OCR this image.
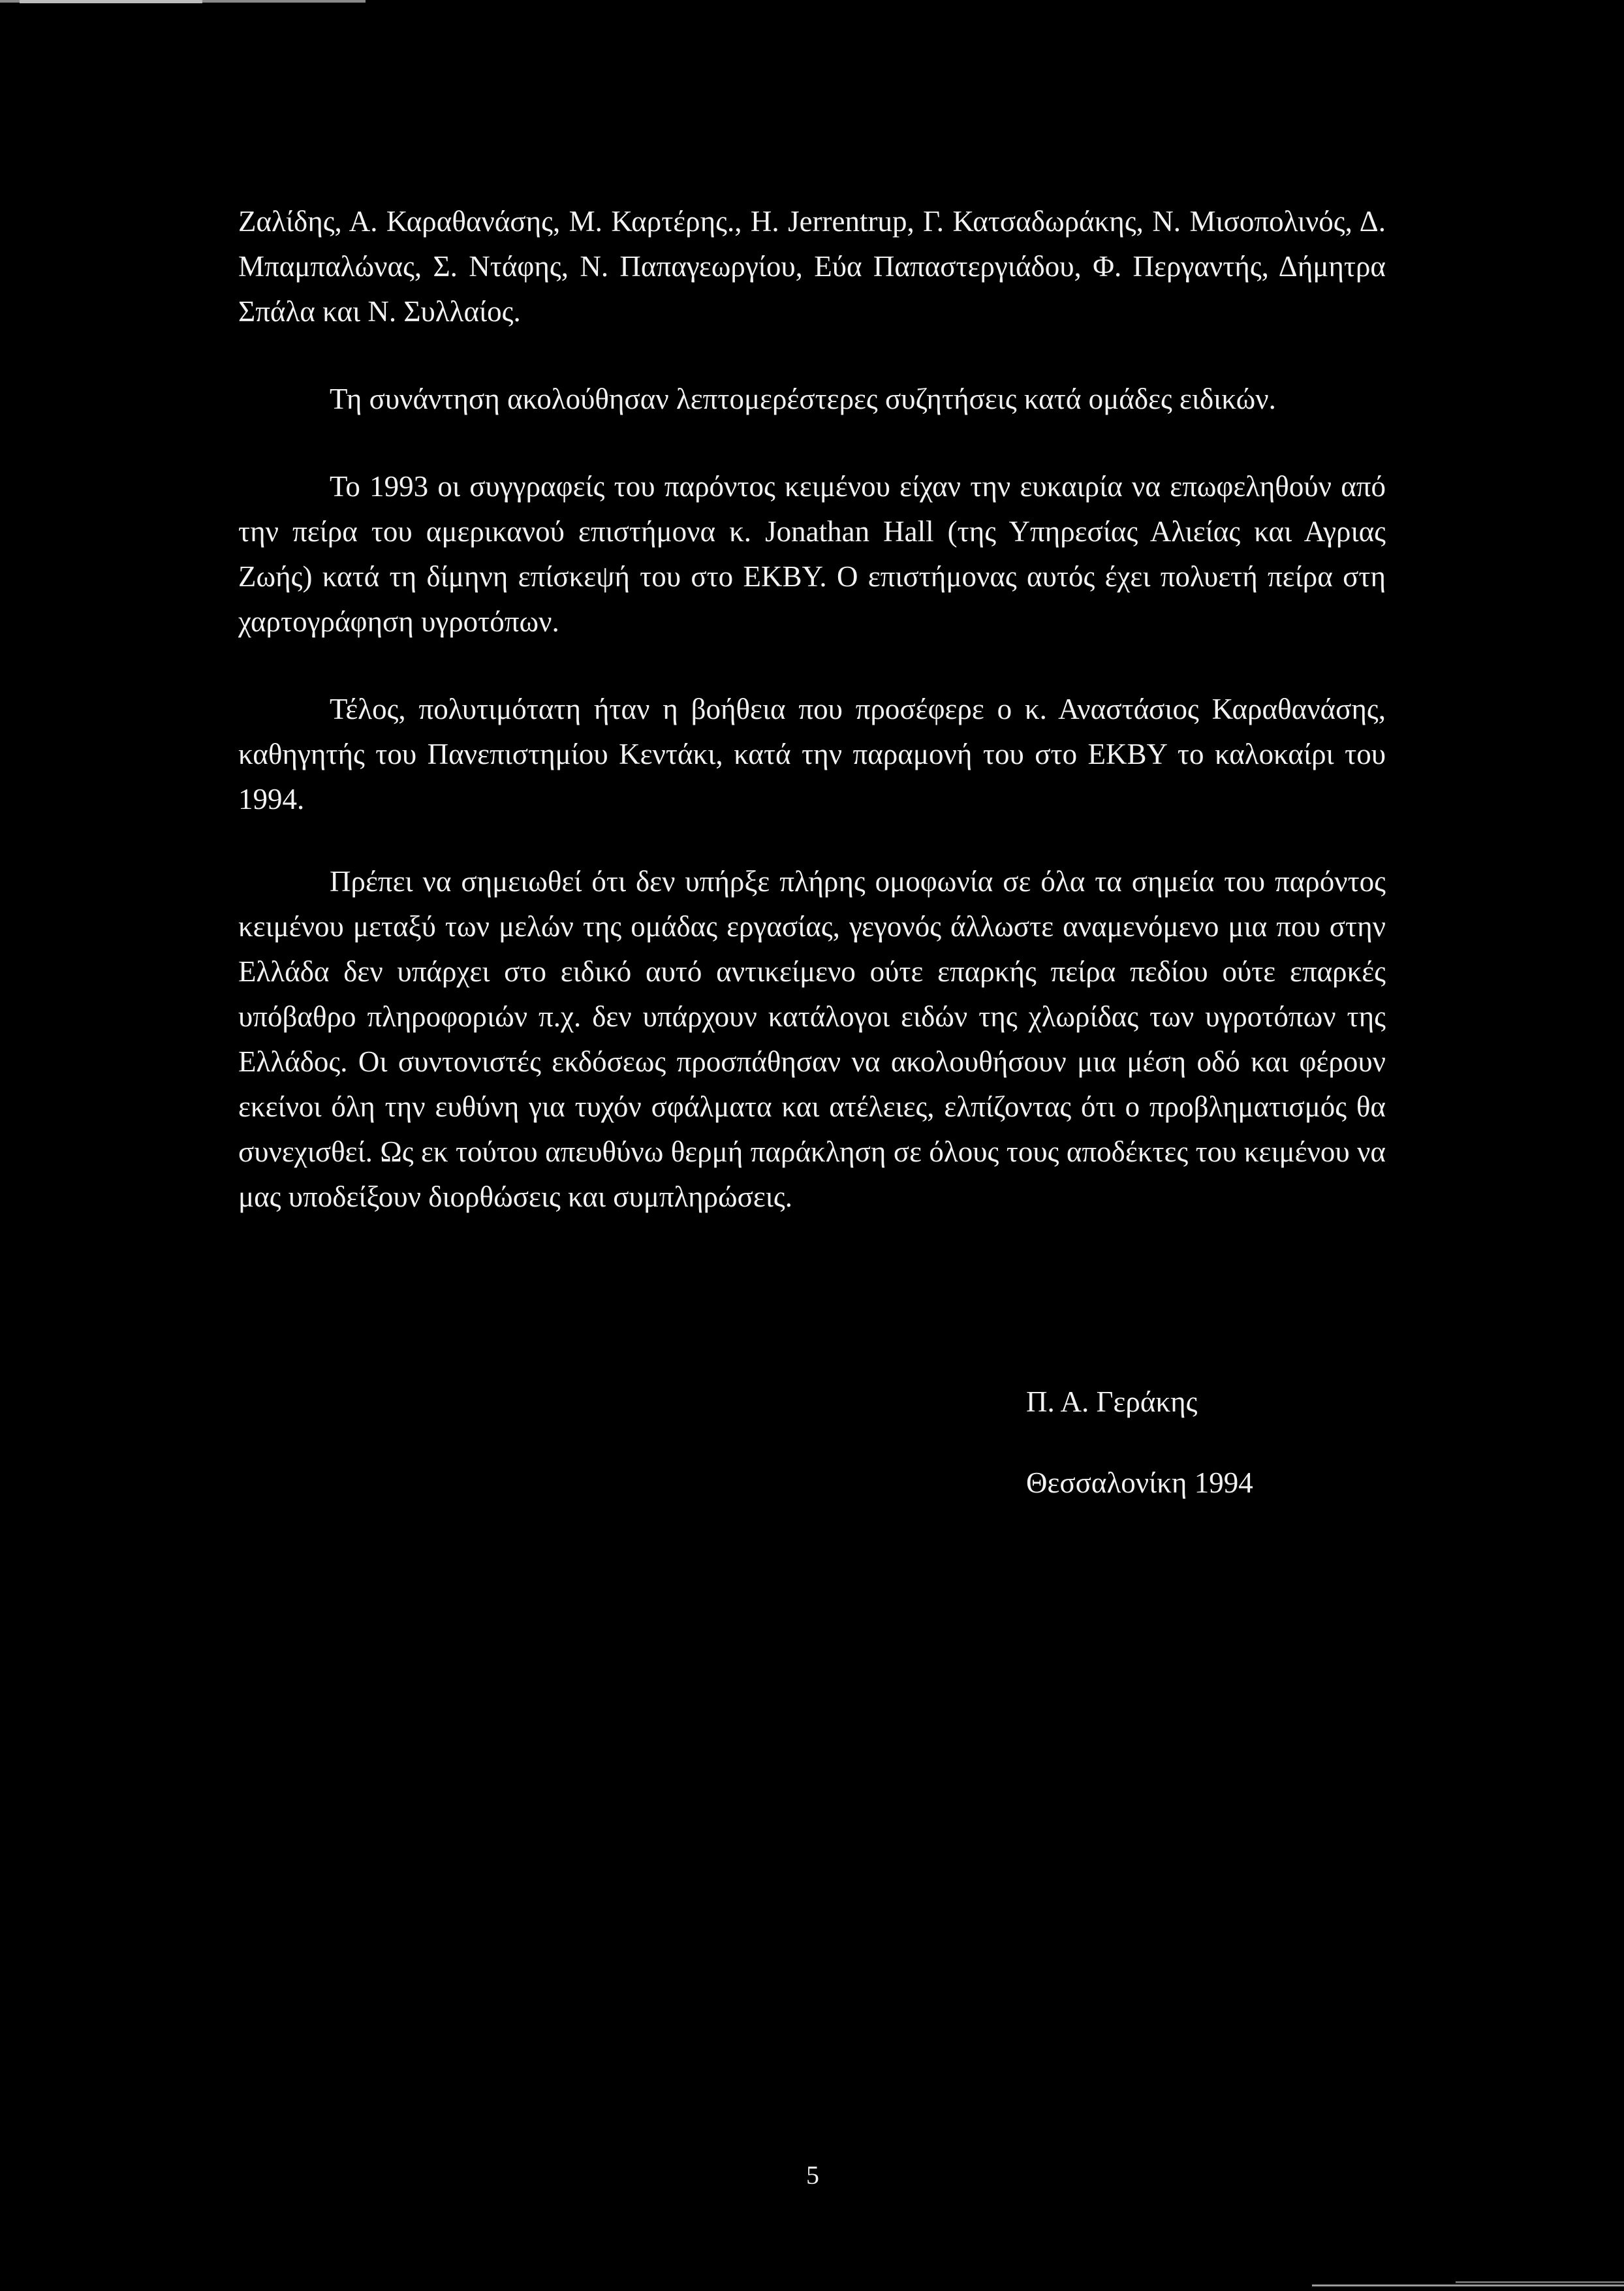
Ζαλίδης, Α. Καραθανάσης, Μ. Καρτέρης., Η. Jerrentrup, Γ. Κατσαδωράκης, Ν. Μισοπολινός, Δ. Μπαμπαλώνας, Σ. Ντάφης, Ν. Παπαγεωργίου, Εύα Παπαστεργιάδου, Φ. Περγαντής, Δήμητρα Σπάλα και Ν. Συλλαίος.

Τη συνάντηση ακολούθησαν λεπτομερέστερες συζητήσεις κατά ομάδες ειδικών.

Το 1993 οι συγγραφείς του παρόντος κειμένου είχαν την ευκαιρία να επωφεληθούν από την πείρα του αμερικανού επιστήμονα κ. Jonathan Hall (της Υπηρεσίας Αλιείας και Αγριας Ζωής) κατά τη δίμηνη επίσκεψή του στο ΕΚΒΥ. Ο επιστήμονας αυτός έχει πολυετή πείρα στη χαρτογράφηση υγροτόπων.

Τέλος, πολυτιμότατη ήταν η βοήθεια που προσέφερε ο κ. Αναστάσιος Καραθανάσης, καθηγητής του Πανεπιστημίου Κεντάκι, κατά την παραμονή του στο ΕΚΒΥ το καλοκαίρι του 1994.

Πρέπει να σημειωθεί ότι δεν υπήρξε πλήρης ομοφωνία σε όλα τα σημεία του παρόντος κειμένου μεταξύ των μελών της ομάδας εργασίας, γεγονός άλλωστε αναμενόμενο μια που στην Ελλάδα δεν υπάρχει στο ειδικό αυτό αντικείμενο ούτε επαρκής πείρα πεδίου ούτε επαρκές υπόβαθρο πληροφοριών π.χ. δεν υπάρχουν κατάλογοι ειδών της χλωρίδας των υγροτόπων της Ελλάδος. Οι συντονιστές εκδόσεως προσπάθησαν να ακολουθήσουν μια μέση οδό και φέρουν εκείνοι όλη την ευθύνη για τυχόν σφάλματα και ατέλειες, ελπίζοντας ότι ο προβληματισμός θα συνεχισθεί. Ως εκ τούτου απευθύνω θερμή παράκληση σε όλους τους αποδέκτες του κειμένου να μας υποδείξουν διορθώσεις και συμπληρώσεις.

Π. Α. Γεράκης
Θεσσαλονίκη 1994
5
